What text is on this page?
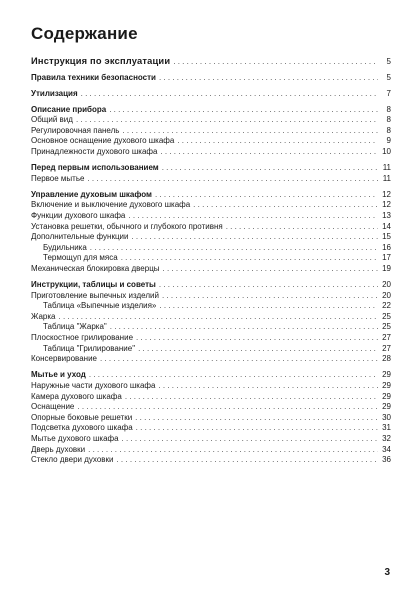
Содержание
Инструкция по эксплуатации . . .	5
Правила техники безопасности . . .	5
Утилизация . . .	7
Описание прибора . . .	8
Общий вид . . .	8
Регулировочная панель . . .	8
Основное оснащение духового шкафа . . .	9
Принадлежности духового шкафа . . .	10
Перед первым использованием . . .	11
Первое мытье . . .	11
Управление духовым шкафом . . .	12
Включение и выключение духового шкафа . . .	12
Функции духового шкафа . . .	13
Установка решетки, обычного и глубокого противня . . .	14
Дополнительные функции . . .	15
Будильника . . .	16
Термощуп для мяса . . .	17
Механическая блокировка дверцы . . .	19
Инструкции, таблицы и советы . . .	20
Приготовление выпечных изделий . . .	20
Таблица «Выпечные изделия» . . .	22
Жарка . . .	25
Таблица "Жарка" . . .	25
Плоскостное грилирование . . .	27
Таблица "Грилирование" . . .	27
Консервирование . . .	28
Мытье и уход . . .	29
Наружные части духового шкафа . . .	29
Камера духового шкафа . . .	29
Оснащение . . .	29
Опорные боковые решетки . . .	30
Подсветка духового шкафа . . .	31
Мытье духового шкафа . . .	32
Дверь духовки . . .	34
Стекло двери духовки . . .	36
3
